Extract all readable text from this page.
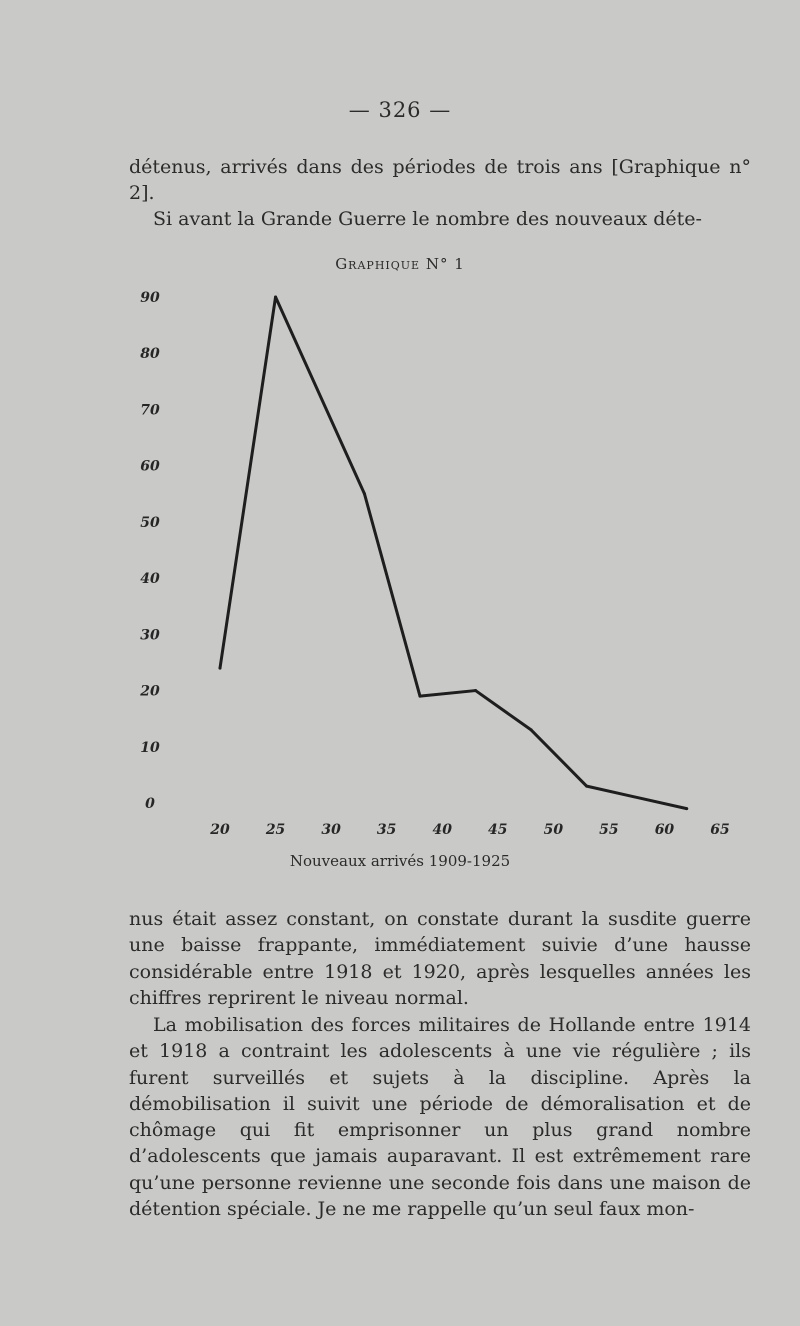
— 326 —

détenus, arrivés dans des périodes de trois ans [Graphique n° 2].

Si avant la Grande Guerre le nombre des nouveaux déte-

Graphique N° 1
90
80
70
60
50
40
30
20
10
0
20	25	30	35	40	45	50	55	60	65
Nouveaux arrivés 1909-1925

nus était assez constant, on constate durant la susdite guerre une baisse frappante, immédiatement suivie d’une hausse considérable entre 1918 et 1920, après lesquelles années les chiffres reprirent le niveau normal.

La mobilisation des forces militaires de Hollande entre 1914 et 1918 a contraint les adolescents à une vie régulière ; ils furent surveillés et sujets à la discipline. Après la démobilisation il suivit une période de démoralisation et de chômage qui fit emprisonner un plus grand nombre d’adolescents que jamais auparavant. Il est extrêmement rare qu’une personne revienne une seconde fois dans une maison de détention spéciale. Je ne me rappelle qu’un seul faux mon-
